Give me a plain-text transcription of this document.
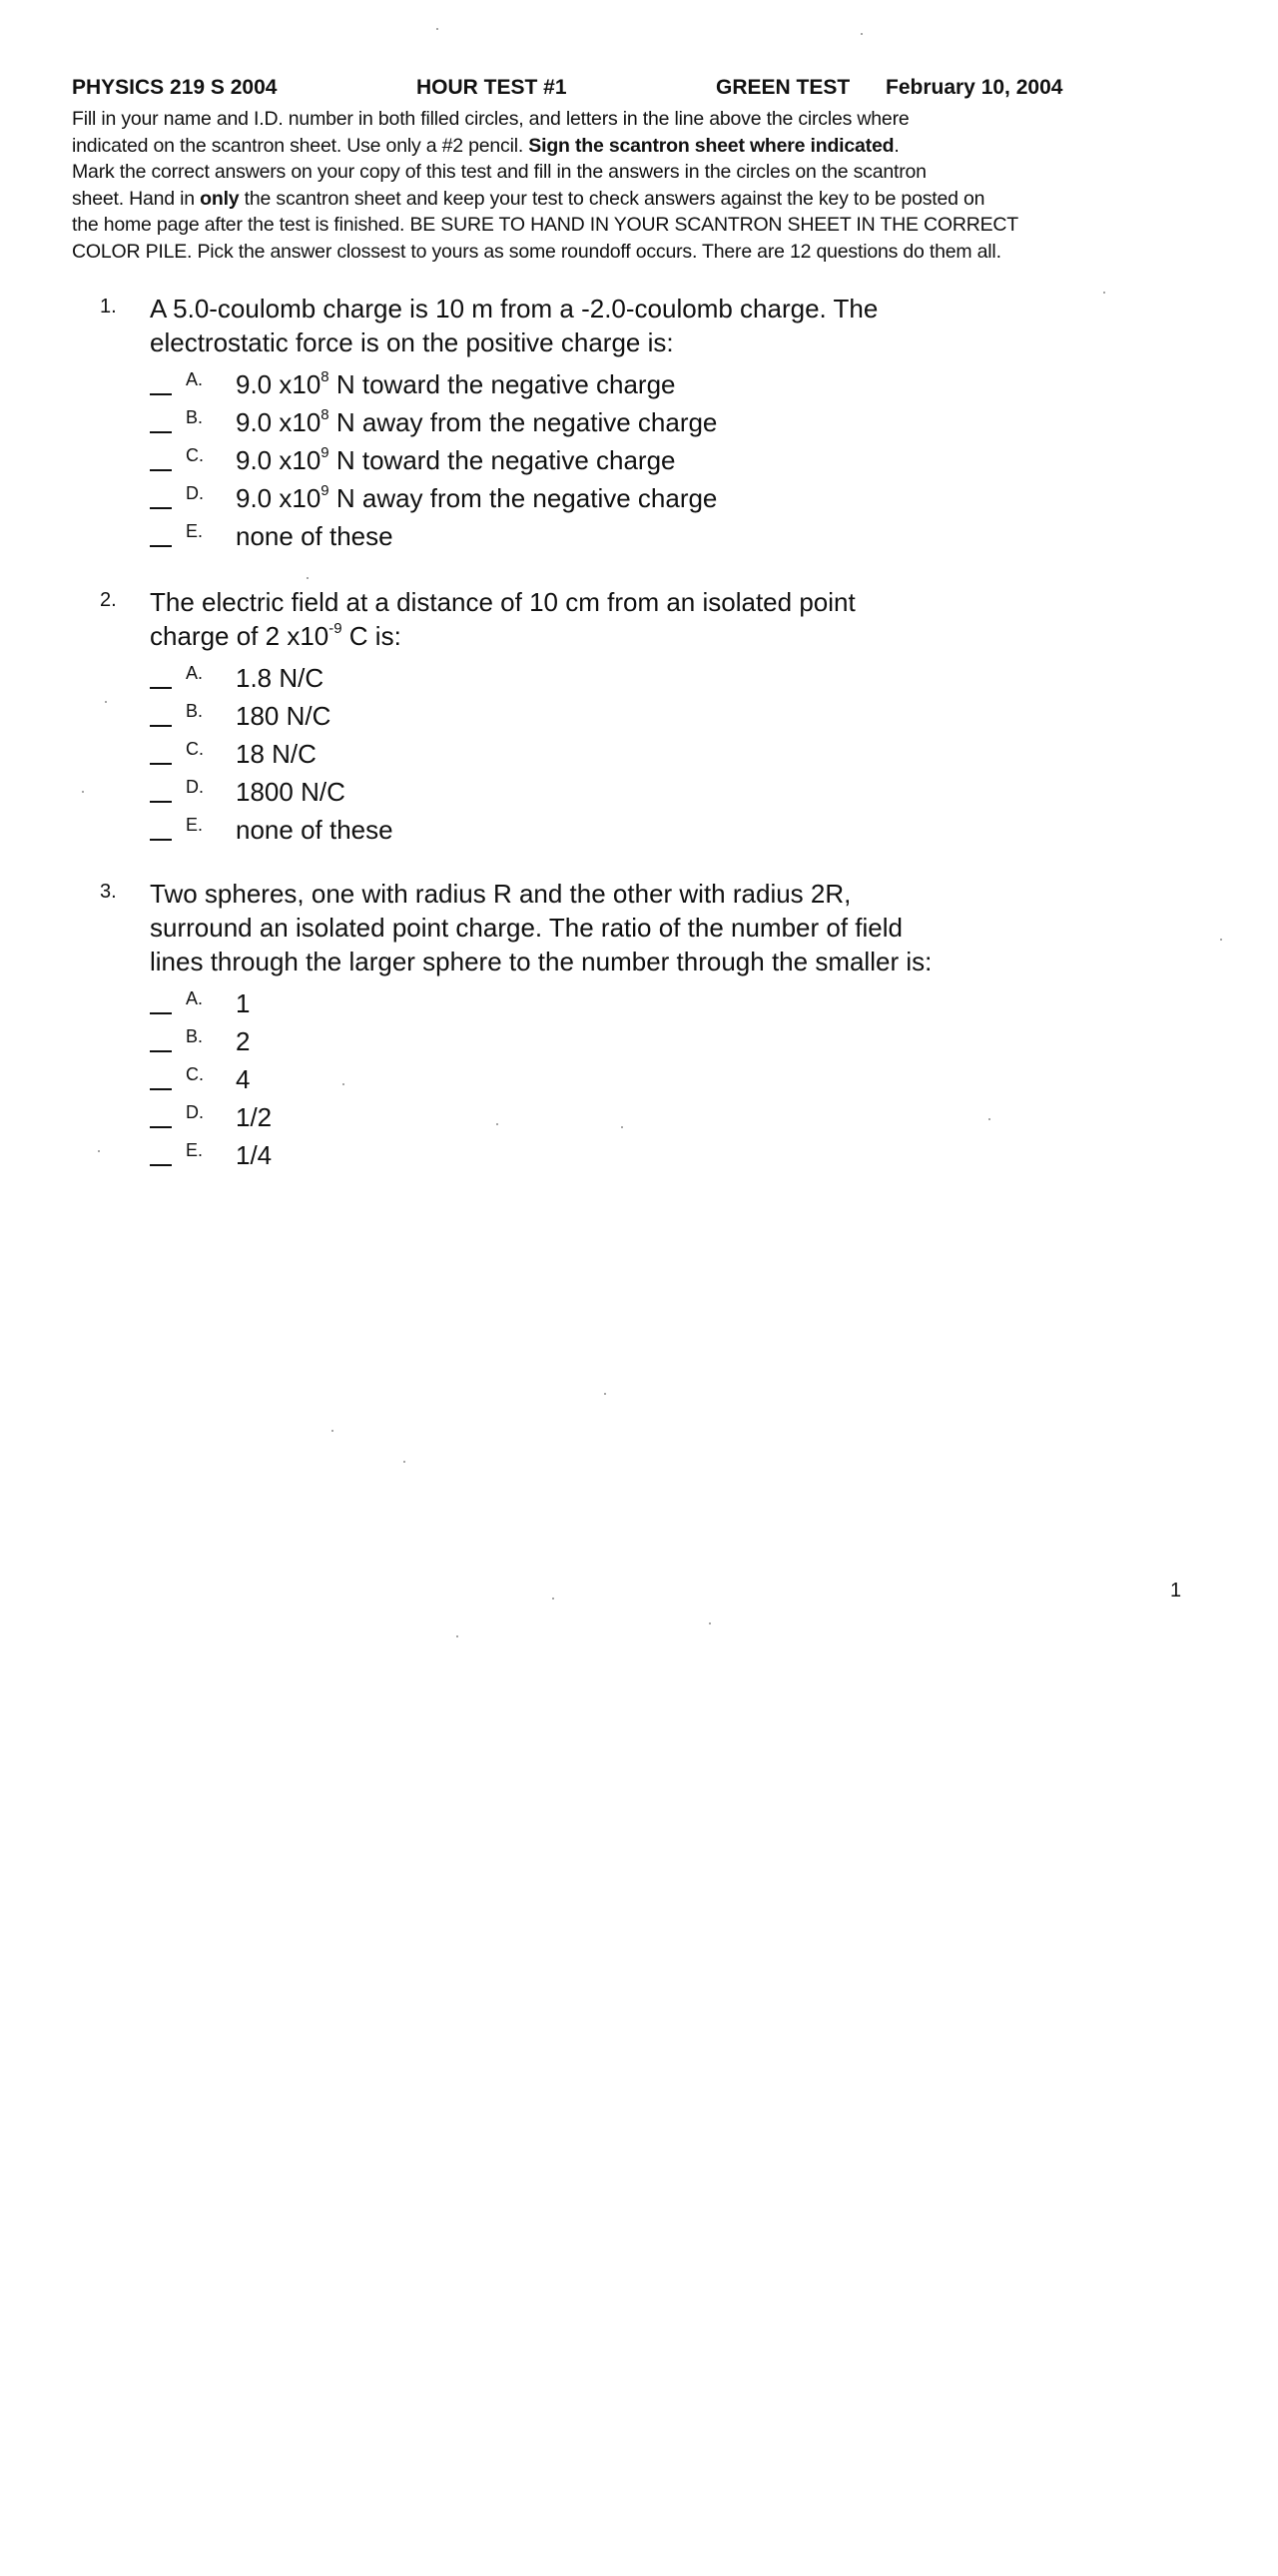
PHYSICS 219 S 2004	HOUR TEST #1	GREEN TEST February 10, 2004
Fill in your name and I.D. number in both filled circles, and letters in the line above the circles where
indicated on the scantron sheet. Use only a #2 pencil. Sign the scantron sheet where indicated.
Mark the correct answers on your copy of this test and fill in the answers in the circles on the scantron
sheet. Hand in only the scantron sheet and keep your test to check answers against the key to be posted on
the home page after the test is finished. BE SURE TO HAND IN YOUR SCANTRON SHEET IN THE CORRECT
COLOR PILE. Pick the answer clossest to yours as some roundoff occurs. There are 12 questions do them all.
1. A 5.0-coulomb charge is 10 m from a -2.0-coulomb charge. The
electrostatic force is on the positive charge is:
A. 9.0 $x10^8$ N toward the negative charge
B. 9.0 $x10^8$ N away from the negative charge
C. 9.0 $x10^9$ N toward the negative charge
D. 9.0 $x10^9$ N away from the negative charge
E. none of these
2. The electric field at a distance of 10 cm from an isolated point
charge of 2 $x10^{-9}$ C is:
A. 1.8 N/C
B. 180 N/C
C. 18 N/C
D. 1800 N/C
E. none of these
3. Two spheres, one with radius R and the other with radius 2R,
surround an isolated point charge. The ratio of the number of field
lines through the larger sphere to the number through the smaller is:
A. 1
B. 2
C. 4
D. 1/2
E. 1/4
1
